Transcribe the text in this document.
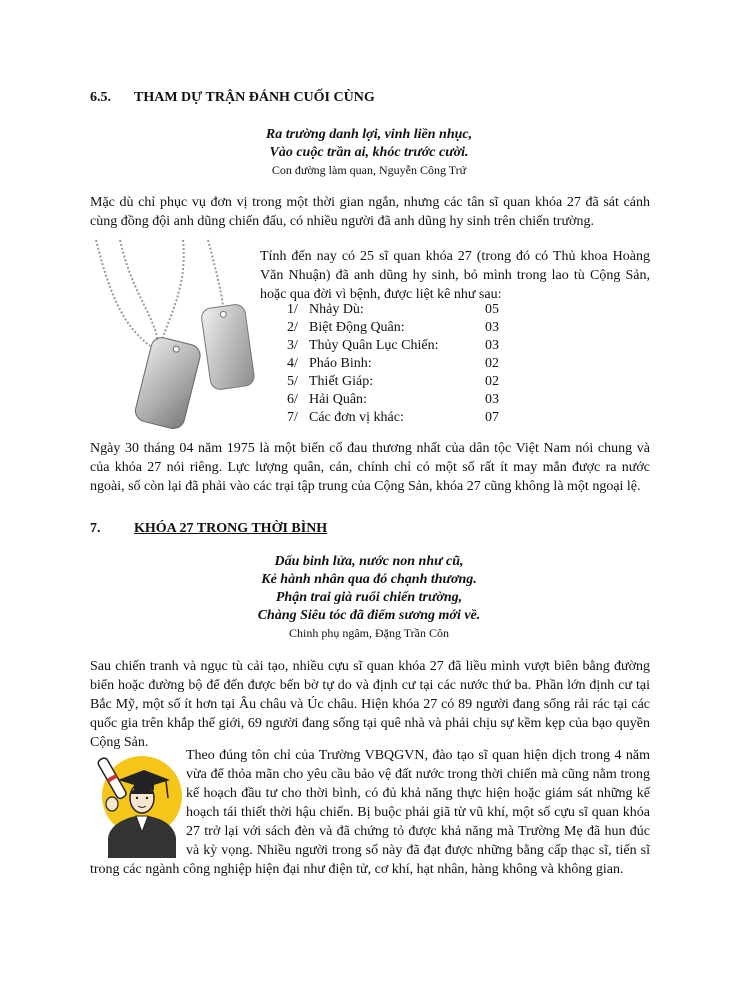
6.5. THAM DỰ TRẬN ĐÁNH CUỐI CÙNG
Ra trường danh lợi, vinh liền nhục,
Vào cuộc trần ai, khóc trước cười.
Con đường làm quan, Nguyễn Công Trứ

Mặc dù chỉ phục vụ đơn vị trong một thời gian ngắn, nhưng các tân sĩ quan khóa 27 đã sát cánh cùng đồng đội anh dũng chiến đấu, có nhiều người đã anh dũng hy sinh trên chiến trường.

Tính đến nay có 25 sĩ quan khóa 27 (trong đó có Thủ khoa Hoàng Văn Nhuận) đã anh dũng hy sinh, bỏ mình trong lao tù Cộng Sản, hoặc qua đời vì bệnh, được liệt kê như sau:

1/ Nhảy Dù:	05
2/ Biệt Động Quân:	03
3/ Thủy Quân Lục Chiến:	03
4/ Pháo Binh:	02
5/ Thiết Giáp:	02
6/ Hải Quân:	03
7/ Các đơn vị khác:	07

Ngày 30 tháng 04 năm 1975 là một biến cố đau thương nhất của dân tộc Việt Nam nói chung và của khóa 27 nói riêng. Lực lượng quân, cán, chính chỉ có một số rất ít may mắn được ra nước ngoài, số còn lại đã phải vào các trại tập trung của Cộng Sản, khóa 27 cũng không là một ngoại lệ.

7. KHÓA 27 TRONG THỜI BÌNH
Dấu binh lửa, nước non như cũ,
Kẻ hành nhân qua đó chạnh thương.
Phận trai già ruổi chiến trường,
Chàng Siêu tóc đã điểm sương mới về.
Chinh phụ ngâm, Đặng Trần Côn

Sau chiến tranh và ngục tù cải tạo, nhiều cựu sĩ quan khóa 27 đã liều mình vượt biên bằng đường biển hoặc đường bộ để đến được bến bờ tự do và định cư tại các nước thứ ba. Phần lớn định cư tại Bắc Mỹ, một số ít hơn tại Âu châu và Úc châu. Hiện khóa 27 có 89 người đang sống rải rác tại các quốc gia trên khắp thế giới, 69 người đang sống tại quê nhà và phải chịu sự kềm kẹp của bạo quyền Cộng Sản.

Theo đúng tôn chỉ của Trường VBQGVN, đào tạo sĩ quan hiện dịch trong 4 năm vừa để thỏa mãn cho yêu cầu bảo vệ đất nước trong thời chiến mà cũng nằm trong kế hoạch đầu tư cho thời bình, có đủ khả năng thực hiện hoặc giám sát những kế hoạch tái thiết thời hậu chiến. Bị buộc phải giã từ vũ khí, một số cựu sĩ quan khóa 27 trở lại với sách đèn và đã chứng tỏ được khả năng mà Trường Mẹ đã hun đúc và kỳ vọng. Nhiều người trong số này đã đạt được những bằng cấp thạc sĩ, tiến sĩ trong các ngành công nghiệp hiện đại như điện tử, cơ khí, hạt nhân, hàng không và không gian.
